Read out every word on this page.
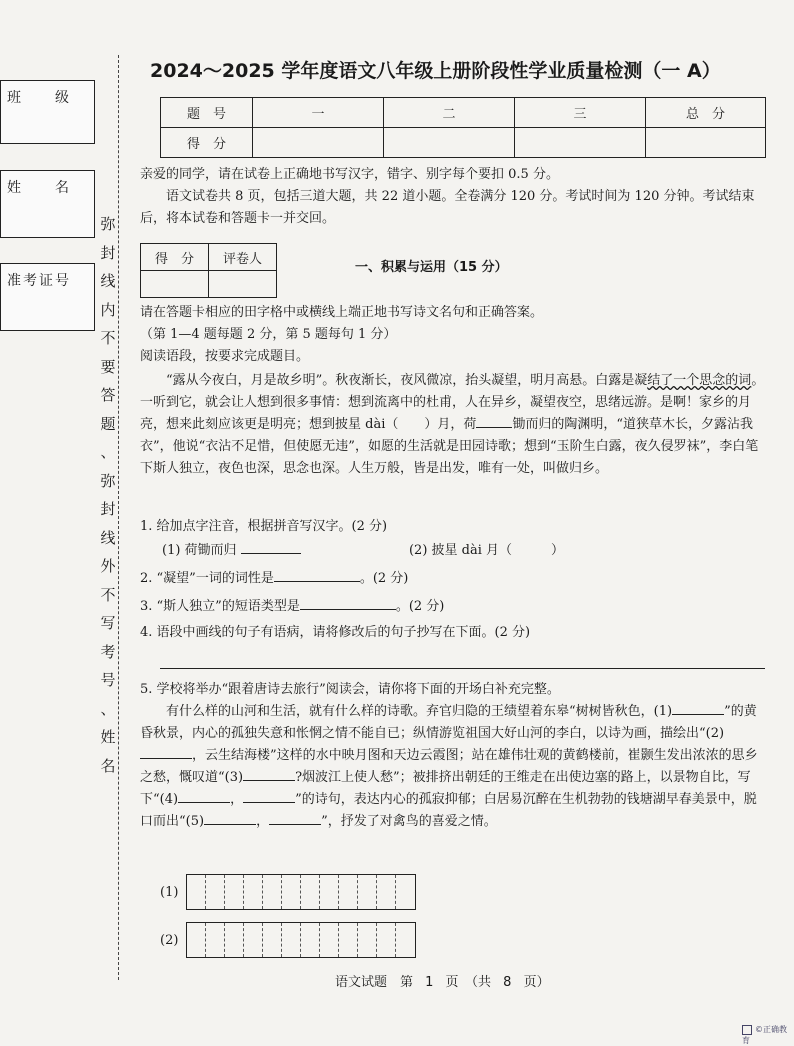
班　　级
姓　　名
准考证号
弥
封
线
内
不
要
答
题
、
弥
封
线
外
不
写
考
号
、
姓
名
2024～2025 学年度语文八年级上册阶段性学业质量检测（一 A）
题　号	一	二	三	总　分
得　分				
亲爱的同学，请在试卷上正确地书写汉字，错字、别字每个要扣 0.5 分。
语文试卷共 8 页，包括三道大题，共 22 道小题。全卷满分 120 分。考试时间为 120 分钟。考试结束后，将本试卷和答题卡一并交回。
得　分	评卷人

一、积累与运用（15 分）
请在答题卡相应的田字格中或横线上端正地书写诗文名句和正确答案。
（第 1—4 题每题 2 分，第 5 题每句 1 分）
阅读语段，按要求完成题目。
“露从今夜白，月是故乡明”。秋夜渐长，夜风微凉，抬头凝望，明月高悬。白露是凝结了一个思念的词。一听到它，就会让人想到很多事情：想到流离中的杜甫，人在异乡，凝望夜空，思绪远游。是啊！家乡的月亮，想来此刻应该更是明亮；想到披星 dài（　　）月，荷	锄而归的陶渊明，“道狭草木长，夕露沾我衣”，他说“衣沾不足惜，但使愿无违”，如愿的生活就是田园诗歌；想到“玉阶生白露，夜久侵罗袜”，李白笔下斯人独立，夜色也深，思念也深。人生万般，皆是出发，唯有一处，叫做归乡。
1. 给加点字注音，根据拼音写汉字。(2 分)
(1) 荷锄而归	(2) 披星 dài 月（　　　）
2. “凝望”一词的词性是	。(2 分)
3. “斯人独立”的短语类型是	。(2 分)
4. 语段中画线的句子有语病，请将修改后的句子抄写在下面。(2 分)
5. 学校将举办“跟着唐诗去旅行”阅读会，请你将下面的开场白补充完整。
有什么样的山河和生活，就有什么样的诗歌。弃官归隐的王绩望着东皋“树树皆秋色，(1)	”的黄昏秋景，内心的孤独失意和怅惘之情不能自已；纵情游览祖国大好山河的李白，以诗为画，描绘出“(2)，云生结海楼”这样的水中映月图和天边云霞图；站在雄伟壮观的黄鹤楼前，崔颢生发出浓浓的思乡之愁，慨叹道“(3)	?烟波江上使人愁”；被排挤出朝廷的王维走在出使边塞的路上，以景物自比，写下“(4)	，	”的诗句，表达内心的孤寂抑郁；白居易沉醉在生机勃勃的钱塘湖早春美景中，脱口而出“(5)	，	”，抒发了对禽鸟的喜爱之情。
(1)
(2)
语文试题　第 1 页　（共 8 页）
©正确教育
